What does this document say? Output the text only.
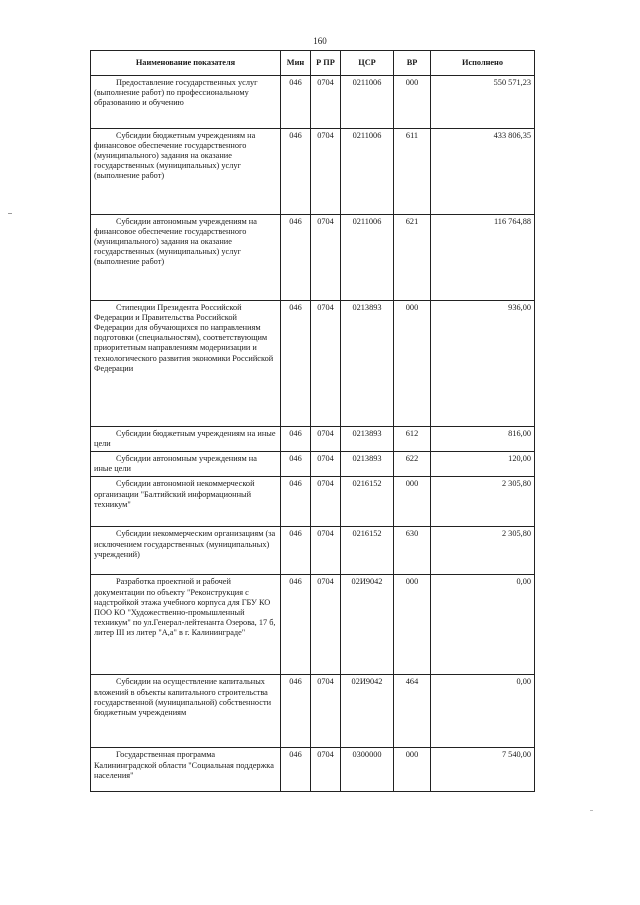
160
Наименование показателя	Мин	Р ПР	ЦСР	ВР	Исполнено
Предоставление государственных услуг (выполнение работ) по профессиональному образованию и обучению	046	0704	0211006	000	550 571,23
Субсидии бюджетным учреждениям на финансовое обеспечение государственного (муниципального) задания на оказание государственных (муниципальных) услуг (выполнение работ)	046	0704	0211006	611	433 806,35
Субсидии автономным учреждениям на финансовое обеспечение государственного (муниципального) задания на оказание государственных (муниципальных) услуг (выполнение работ)	046	0704	0211006	621	116 764,88
Стипендии Президента Российской Федерации и Правительства Российской Федерации для обучающихся по направлениям подготовки (специальностям), соответствующим приоритетным направлениям модернизации и технологического развития экономики Российской Федерации	046	0704	0213893	000	936,00
Субсидии бюджетным учреждениям на иные цели	046	0704	0213893	612	816,00
Субсидии автономным учреждениям на иные цели	046	0704	0213893	622	120,00
Субсидии автономной некоммерческой организации "Балтийский информационный техникум"	046	0704	0216152	000	2 305,80
Субсидии некоммерческим организациям (за исключением государственных (муниципальных) учреждений)	046	0704	0216152	630	2 305,80
Разработка проектной и рабочей документации по объекту "Реконструкция с надстройкой этажа учебного корпуса для ГБУ КО ПОО КО "Художественно-промышленный техникум" по ул.Генерал-лейтенанта Озерова, 17 б, литер III из литер "А,а" в г. Калининграде"	046	0704	02И9042	000	0,00
Субсидии на осуществление капитальных вложений в объекты капитального строительства государственной (муниципальной) собственности бюджетным учреждениям	046	0704	02И9042	464	0,00
Государственная программа Калининградской области "Социальная поддержка населения"	046	0704	0300000	000	7 540,00
